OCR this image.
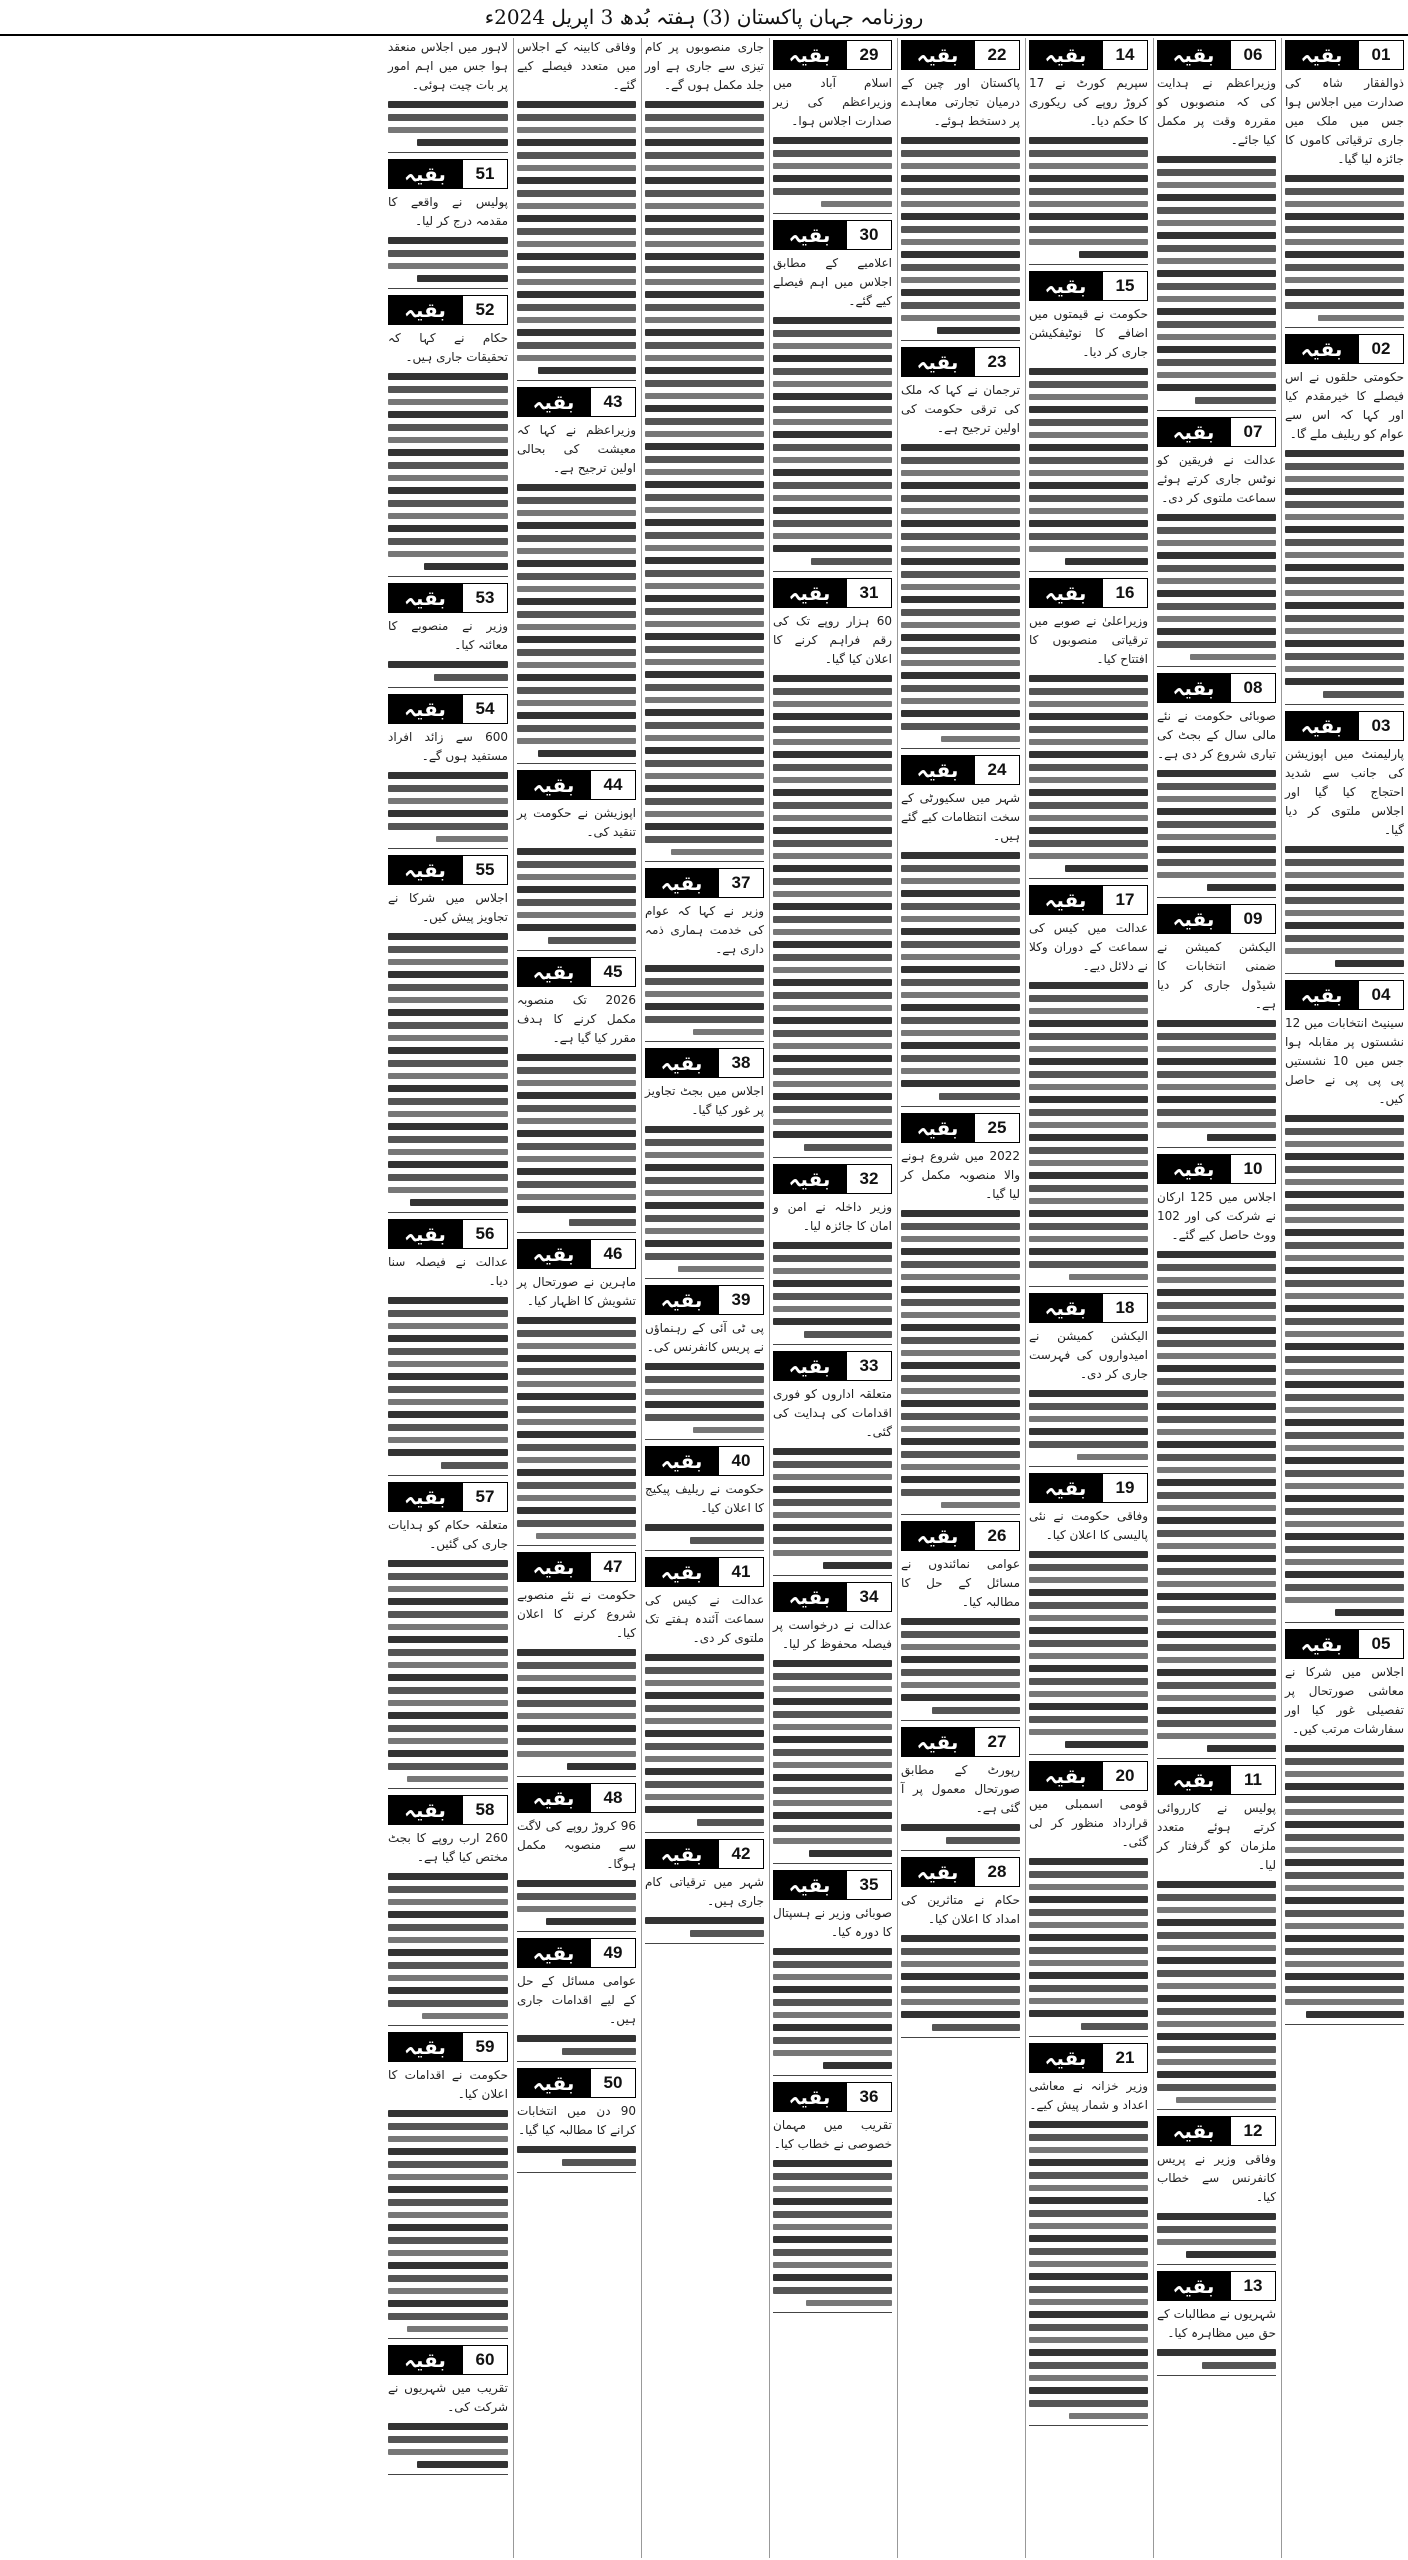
روزنامہ جہان پاکستان (3) ہفتہ بُدھ 3 اپریل 2024ء
بقیہ	01
ذوالفقار شاہ کی صدارت میں اجلاس ہوا جس میں ملک میں جاری ترقیاتی کاموں کا جائزہ لیا گیا۔
بقیہ	02
حکومتی حلقوں نے اس فیصلے کا خیرمقدم کیا اور کہا کہ اس سے عوام کو ریلیف ملے گا۔
بقیہ	03
پارلیمنٹ میں اپوزیشن کی جانب سے شدید احتجاج کیا گیا اور اجلاس ملتوی کر دیا گیا۔
بقیہ	04
سینیٹ انتخابات میں 12 نشستوں پر مقابلہ ہوا جس میں 10 نشستیں پی پی پی نے حاصل کیں۔
بقیہ	05
اجلاس میں شرکا نے معاشی صورتحال پر تفصیلی غور کیا اور سفارشات مرتب کیں۔
بقیہ	06
وزیراعظم نے ہدایت کی کہ منصوبوں کو مقررہ وقت پر مکمل کیا جائے۔
بقیہ	07
عدالت نے فریقین کو نوٹس جاری کرتے ہوئے سماعت ملتوی کر دی۔
بقیہ	08
صوبائی حکومت نے نئے مالی سال کے بجٹ کی تیاری شروع کر دی ہے۔
بقیہ	09
الیکشن کمیشن نے ضمنی انتخابات کا شیڈول جاری کر دیا ہے۔
بقیہ	10
اجلاس میں 125 ارکان نے شرکت کی اور 102 ووٹ حاصل کیے گئے۔
بقیہ	11
پولیس نے کارروائی کرتے ہوئے متعدد ملزمان کو گرفتار کر لیا۔
بقیہ	12
وفاقی وزیر نے پریس کانفرنس سے خطاب کیا۔
بقیہ	13
شہریوں نے مطالبات کے حق میں مظاہرہ کیا۔
بقیہ	14
سپریم کورٹ نے 17 کروڑ روپے کی ریکوری کا حکم دیا۔
بقیہ	15
حکومت نے قیمتوں میں اضافے کا نوٹیفکیشن جاری کر دیا۔
بقیہ	16
وزیراعلیٰ نے صوبے میں ترقیاتی منصوبوں کا افتتاح کیا۔
بقیہ	17
عدالت میں کیس کی سماعت کے دوران وکلا نے دلائل دیے۔
بقیہ	18
الیکشن کمیشن نے امیدواروں کی فہرست جاری کر دی۔
بقیہ	19
وفاقی حکومت نے نئی پالیسی کا اعلان کیا۔
بقیہ	20
قومی اسمبلی میں قرارداد منظور کر لی گئی۔
بقیہ	21
وزیر خزانہ نے معاشی اعداد و شمار پیش کیے۔
بقیہ	22
پاکستان اور چین کے درمیان تجارتی معاہدے پر دستخط ہوئے۔
بقیہ	23
ترجمان نے کہا کہ ملک کی ترقی حکومت کی اولین ترجیح ہے۔
بقیہ	24
شہر میں سکیورٹی کے سخت انتظامات کیے گئے ہیں۔
بقیہ	25
2022 میں شروع ہونے والا منصوبہ مکمل کر لیا گیا۔
بقیہ	26
عوامی نمائندوں نے مسائل کے حل کا مطالبہ کیا۔
بقیہ	27
رپورٹ کے مطابق صورتحال معمول پر آ گئی ہے۔
بقیہ	28
حکام نے متاثرین کی امداد کا اعلان کیا۔
بقیہ	29
اسلام آباد میں وزیراعظم کی زیر صدارت اجلاس ہوا۔
بقیہ	30
اعلامیے کے مطابق اجلاس میں اہم فیصلے کیے گئے۔
بقیہ	31
60 ہزار روپے تک کی رقم فراہم کرنے کا اعلان کیا گیا۔
بقیہ	32
وزیر داخلہ نے امن و امان کا جائزہ لیا۔
بقیہ	33
متعلقہ اداروں کو فوری اقدامات کی ہدایت کی گئی۔
بقیہ	34
عدالت نے درخواست پر فیصلہ محفوظ کر لیا۔
بقیہ	35
صوبائی وزیر نے ہسپتال کا دورہ کیا۔
بقیہ	36
تقریب میں مہمان خصوصی نے خطاب کیا۔
جاری منصوبوں پر کام تیزی سے جاری ہے اور جلد مکمل ہوں گے۔
بقیہ	37
وزیر نے کہا کہ عوام کی خدمت ہماری ذمہ داری ہے۔
بقیہ	38
اجلاس میں بجٹ تجاویز پر غور کیا گیا۔
بقیہ	39
پی ٹی آئی کے رہنماؤں نے پریس کانفرنس کی۔
بقیہ	40
حکومت نے ریلیف پیکیج کا اعلان کیا۔
بقیہ	41
عدالت نے کیس کی سماعت آئندہ ہفتے تک ملتوی کر دی۔
بقیہ	42
شہر میں ترقیاتی کام جاری ہیں۔
وفاقی کابینہ کے اجلاس میں متعدد فیصلے کیے گئے۔
بقیہ	43
وزیراعظم نے کہا کہ معیشت کی بحالی اولین ترجیح ہے۔
بقیہ	44
اپوزیشن نے حکومت پر تنقید کی۔
بقیہ	45
2026 تک منصوبہ مکمل کرنے کا ہدف مقرر کیا گیا ہے۔
بقیہ	46
ماہرین نے صورتحال پر تشویش کا اظہار کیا۔
بقیہ	47
حکومت نے نئے منصوبے شروع کرنے کا اعلان کیا۔
بقیہ	48
96 کروڑ روپے کی لاگت سے منصوبہ مکمل ہوگا۔
بقیہ	49
عوامی مسائل کے حل کے لیے اقدامات جاری ہیں۔
بقیہ	50
90 دن میں انتخابات کرانے کا مطالبہ کیا گیا۔
لاہور میں اجلاس منعقد ہوا جس میں اہم امور پر بات چیت ہوئی۔
بقیہ	51
پولیس نے واقعے کا مقدمہ درج کر لیا۔
بقیہ	52
حکام نے کہا کہ تحقیقات جاری ہیں۔
بقیہ	53
وزیر نے منصوبے کا معائنہ کیا۔
بقیہ	54
600 سے زائد افراد مستفید ہوں گے۔
بقیہ	55
اجلاس میں شرکا نے تجاویز پیش کیں۔
بقیہ	56
عدالت نے فیصلہ سنا دیا۔
بقیہ	57
متعلقہ حکام کو ہدایات جاری کی گئیں۔
بقیہ	58
260 ارب روپے کا بجٹ مختص کیا گیا ہے۔
بقیہ	59
حکومت نے اقدامات کا اعلان کیا۔
بقیہ	60
تقریب میں شہریوں نے شرکت کی۔
